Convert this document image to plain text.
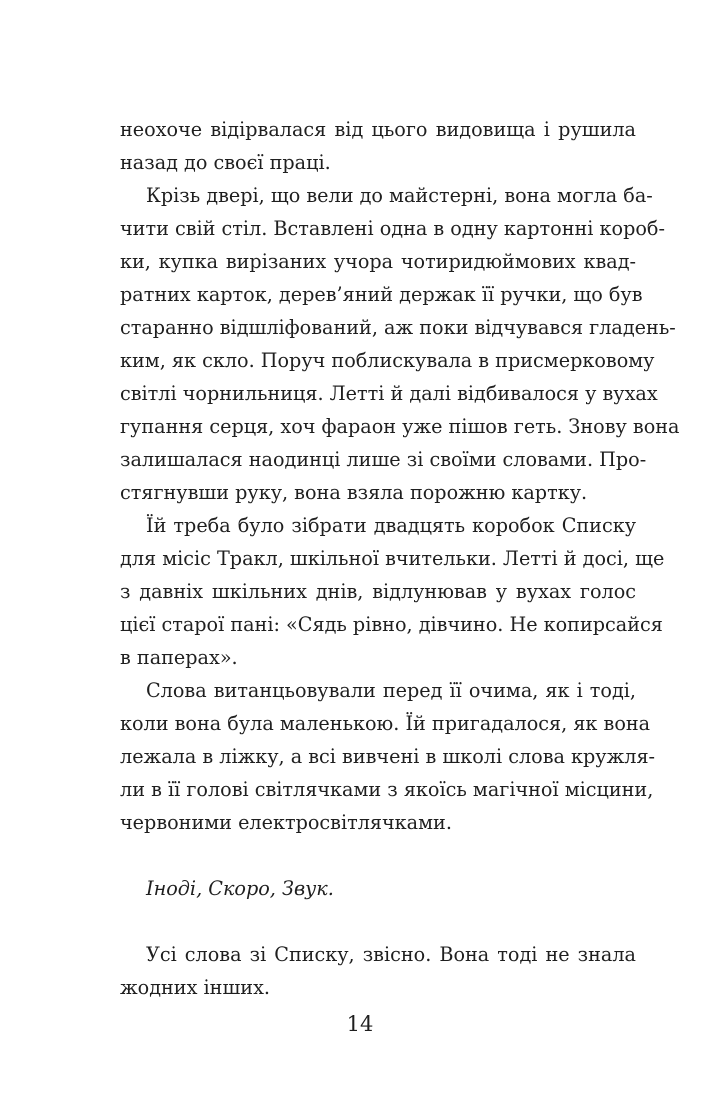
неохоче відірвалася від цього видовища і рушила
назад до своєї праці.
Крізь двері, що вели до майстерні, вона могла ба-
чити свій стіл. Вставлені одна в одну картонні короб-
ки, купка вирізаних учора чотиридюймових квад-
ратних карток, дерев’яний держак її ручки, що був
старанно відшліфований, аж поки відчувався гладень-
ким, як скло. Поруч поблискувала в присмерковому
світлі чорнильниця. Летті й далі відбивалося у вухах
гупання серця, хоч фараон уже пішов геть. Знову вона
залишалася наодинці лише зі своїми словами. Про-
стягнувши руку, вона взяла порожню картку.
Їй треба було зібрати двадцять коробок Списку
для місіс Тракл, шкільної вчительки. Летті й досі, ще
з давніх шкільних днів, відлунював у вухах голос
цієї старої пані: «Сядь рівно, дівчино. Не копирсайся
в паперах».
Слова витанцьовували перед її очима, як і тоді,
коли вона була маленькою. Їй пригадалося, як вона
лежала в ліжку, а всі вивчені в школі слова кружля-
ли в її голові світлячками з якоїсь магічної місцини,
червоними електросвітлячками.
Іноді, Скоро, Звук.
Усі слова зі Списку, звісно. Вона тоді не знала
жодних інших.
14
